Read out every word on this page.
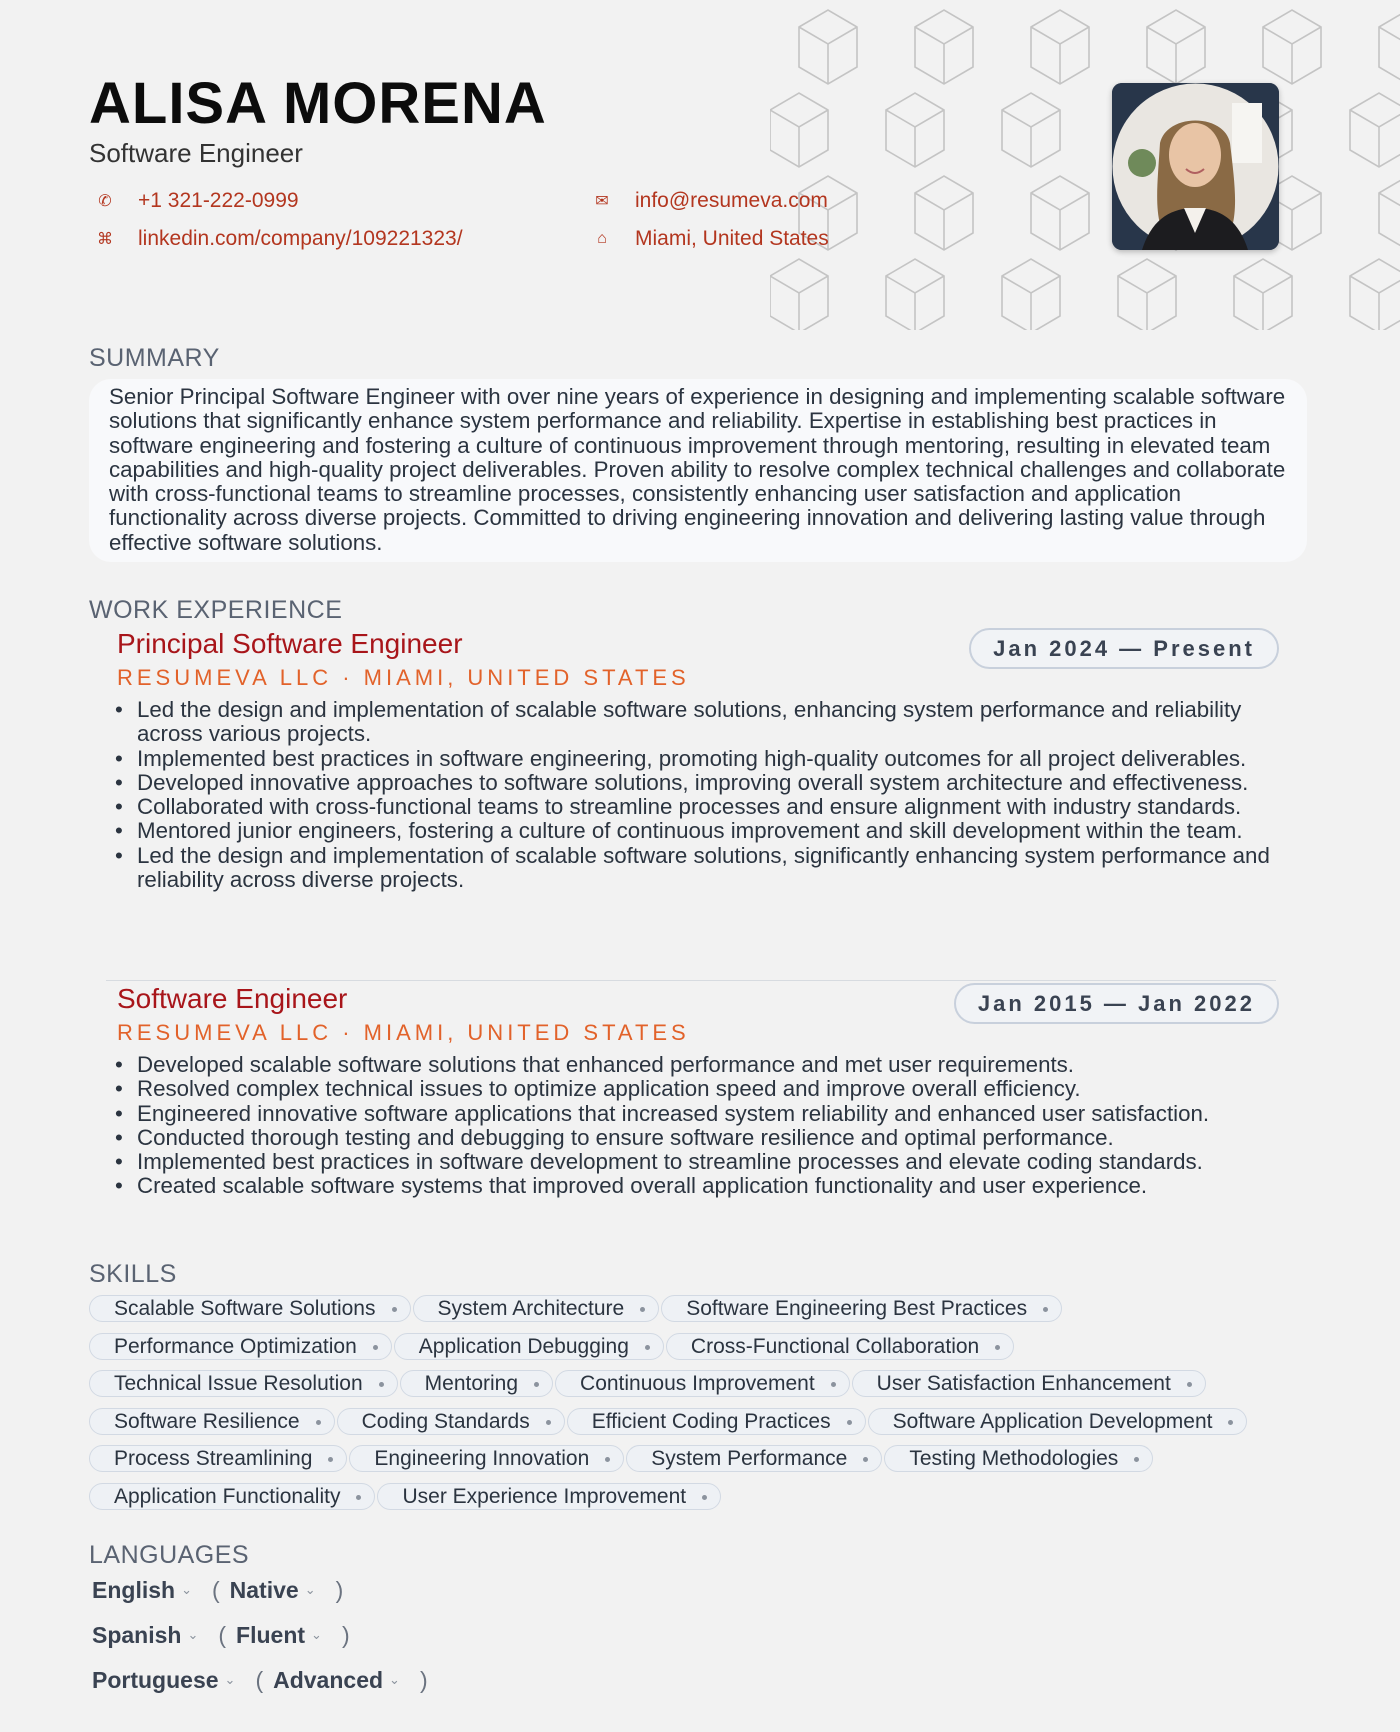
ALISA MORENA
Software Engineer
✆	+1 321-222-0999
⌘	linkedin.com/company/109221323/
✉	info@resumeva.com
⌂	Miami, United States
SUMMARY
Senior Principal Software Engineer with over nine years of experience in designing and implementing scalable software solutions that significantly enhance system performance and reliability. Expertise in establishing best practices in software engineering and fostering a culture of continuous improvement through mentoring, resulting in elevated team capabilities and high-quality project deliverables. Proven ability to resolve complex technical challenges and collaborate with cross-functional teams to streamline processes, consistently enhancing user satisfaction and application functionality across diverse projects. Committed to driving engineering innovation and delivering lasting value through effective software solutions.
WORK EXPERIENCE
Principal Software Engineer
RESUMEVA LLC · MIAMI, UNITED STATES
Jan 2024 — Present
• Led the design and implementation of scalable software solutions, enhancing system performance and reliability across various projects.
• Implemented best practices in software engineering, promoting high-quality outcomes for all project deliverables.
• Developed innovative approaches to software solutions, improving overall system architecture and effectiveness.
• Collaborated with cross-functional teams to streamline processes and ensure alignment with industry standards.
• Mentored junior engineers, fostering a culture of continuous improvement and skill development within the team.
• Led the design and implementation of scalable software solutions, significantly enhancing system performance and reliability across diverse projects.
Software Engineer
RESUMEVA LLC · MIAMI, UNITED STATES
Jan 2015 — Jan 2022
• Developed scalable software solutions that enhanced performance and met user requirements.
• Resolved complex technical issues to optimize application speed and improve overall efficiency.
• Engineered innovative software applications that increased system reliability and enhanced user satisfaction.
• Conducted thorough testing and debugging to ensure software resilience and optimal performance.
• Implemented best practices in software development to streamline processes and elevate coding standards.
• Created scalable software systems that improved overall application functionality and user experience.
SKILLS
Scalable Software Solutions	System Architecture	Software Engineering Best Practices
Performance Optimization	Application Debugging	Cross-Functional Collaboration
Technical Issue Resolution	Mentoring	Continuous Improvement	User Satisfaction Enhancement
Software Resilience	Coding Standards	Efficient Coding Practices	Software Application Development
Process Streamlining	Engineering Innovation	System Performance	Testing Methodologies
Application Functionality	User Experience Improvement
LANGUAGES
English ⌄ ( Native ⌄ )
Spanish ⌄ ( Fluent ⌄ )
Portuguese ⌄ ( Advanced ⌄ )
